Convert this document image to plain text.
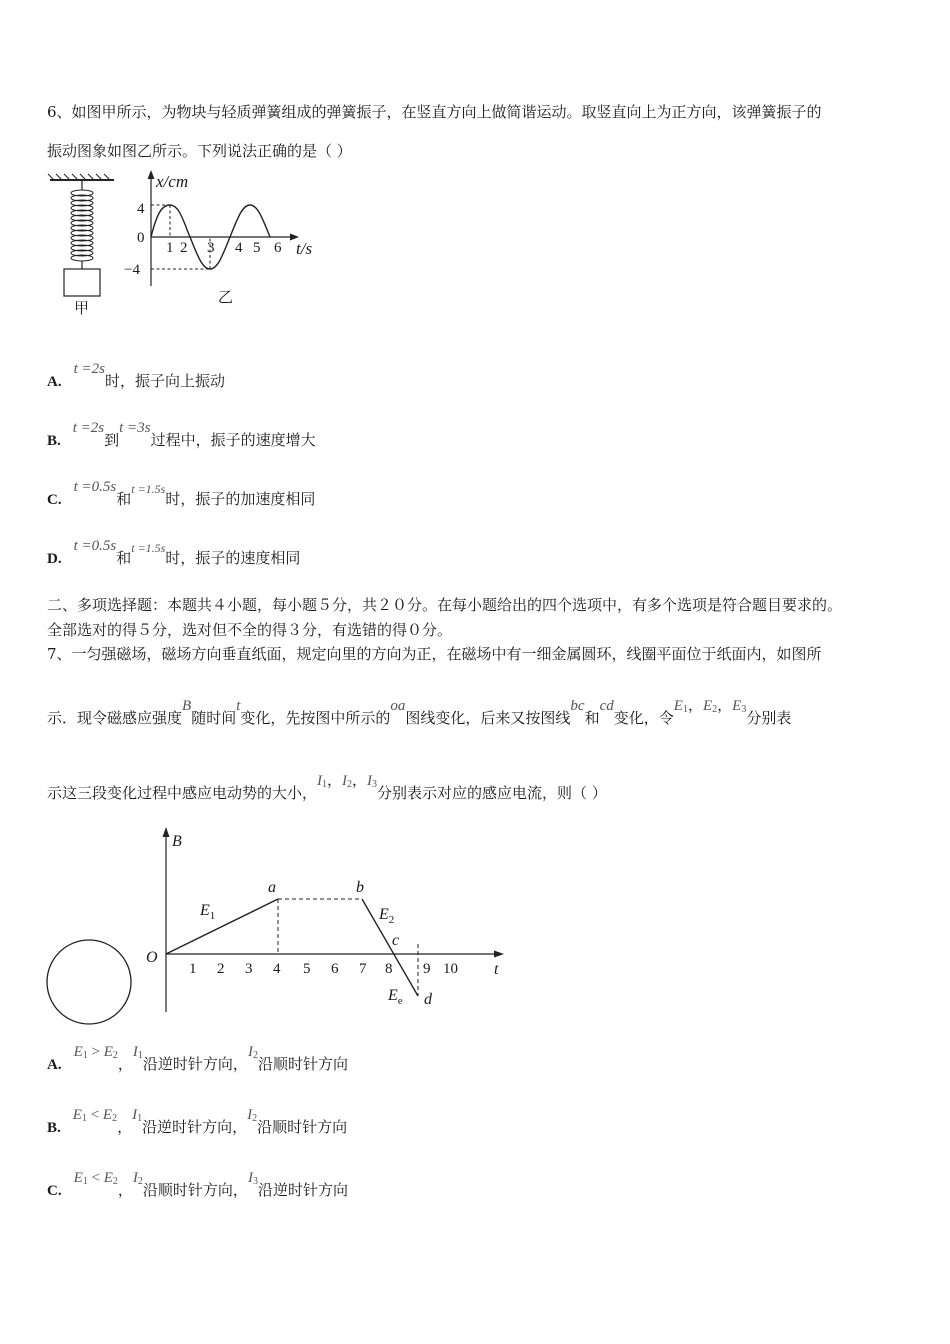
6、如图甲所示，为物块与轻质弹簧组成的弹簧振子，在竖直方向上做简谐运动。取竖直向上为正方向，该弹簧振子的
振动图象如图乙所示。下列说法正确的是（ ）
甲
x/cm
t/s
4
0
−4
1 2 3 4 5 6
乙
A.t =2s时，振子向上振动
B.t =2s到t =3s过程中，振子的速度增大
C.t =0.5s和$^{t =1.5s}$时，振子的加速度相同
D.t =0.5s和$^{t =1.5s}$时，振子的速度相同
二、多项选择题：本题共４小题，每小题５分，共２０分。在每小题给出的四个选项中，有多个选项是符合题目要求的。
全部选对的得５分，选对但不全的得３分，有选错的得０分。
7、一匀强磁场，磁场方向垂直纸面，规定向里的方向为正，在磁场中有一细金属圆环，线圈平面位于纸面内，如图所
示．现令磁感应强度B随时间t变化，先按图中所示的oa图线变化，后来又按图线bc和cd变化，令$E_1$，$E_2$，$E_3$分别表
示这三段变化过程中感应电动势的大小，$I_1$，$I_2$，$I_3$分别表示对应的感应电流，则（ ）
B
t
O
1 2 3 4 5 6 7 8 9 10
a	b
c
d
$E_1$	$E_2$
$E_e$
$A.E_1 > E_2$，$I_1$沿逆时针方向，$I_2$沿顺时针方向
$B.E_1 < E_2$，$I_1$沿逆时针方向，$I_2$沿顺时针方向
$C.E_1 < E_2$，$I_2$沿顺时针方向，$I_3$沿逆时针方向
